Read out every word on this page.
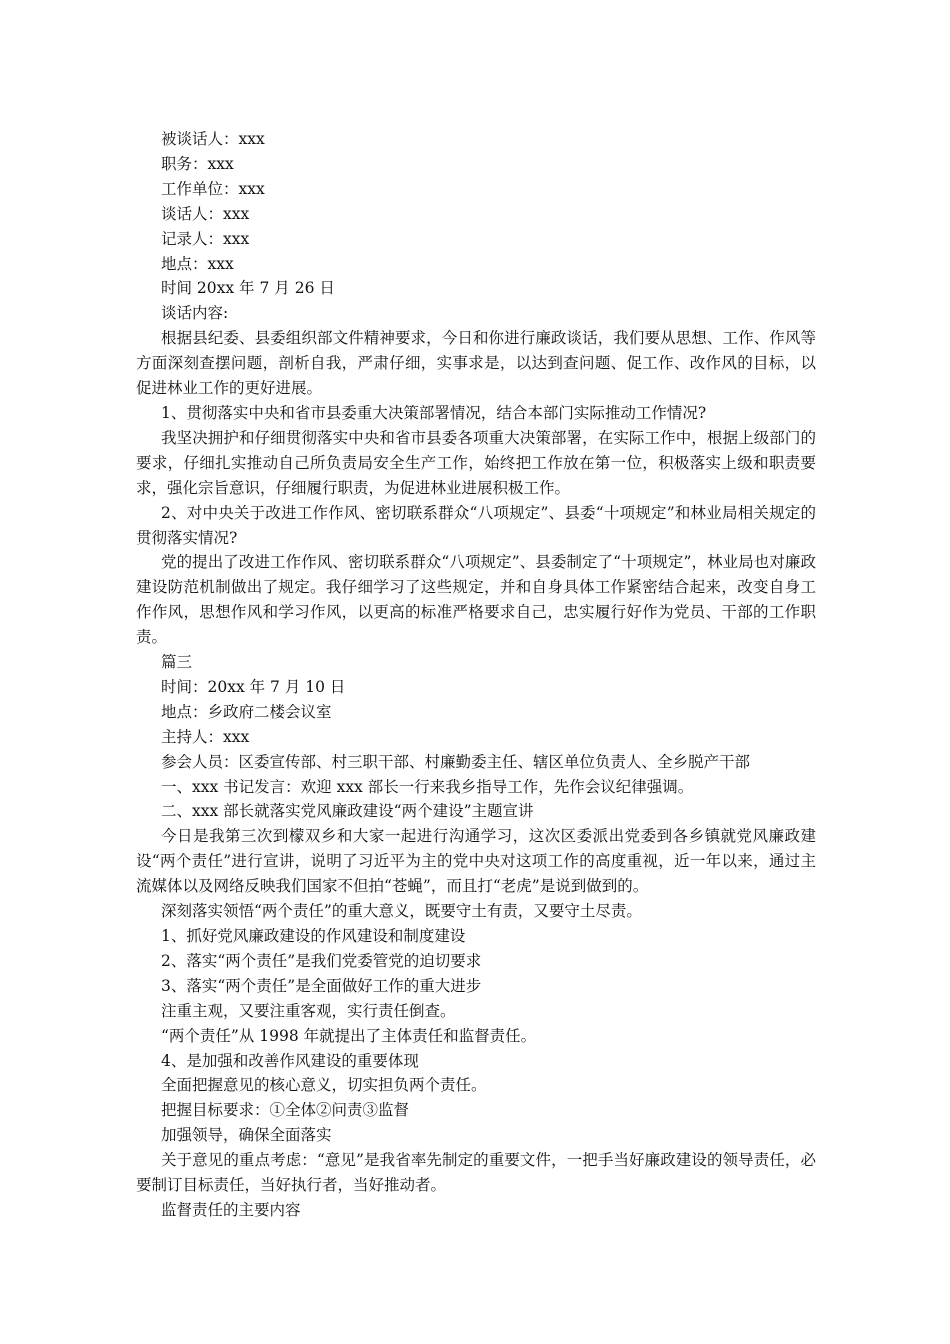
被谈话人：xxx

职务：xxx

工作单位：xxx

谈话人：xxx

记录人：xxx

地点：xxx

时间 20xx 年 7 月 26 日

谈话内容:

根据县纪委、县委组织部文件精神要求，今日和你进行廉政谈话，我们要从思想、工作、作风等方面深刻查摆问题，剖析自我，严肃仔细，实事求是，以达到查问题、促工作、改作风的目标，以促进林业工作的更好进展。

1、贯彻落实中央和省市县委重大决策部署情况，结合本部门实际推动工作情况?

我坚决拥护和仔细贯彻落实中央和省市县委各项重大决策部署，在实际工作中，根据上级部门的要求，仔细扎实推动自己所负责局安全生产工作，始终把工作放在第一位，积极落实上级和职责要求，强化宗旨意识，仔细履行职责，为促进林业进展积极工作。

2、对中央关于改进工作作风、密切联系群众“八项规定”、县委“十项规定”和林业局相关规定的贯彻落实情况?

党的提出了改进工作作风、密切联系群众“八项规定”、县委制定了“十项规定”，林业局也对廉政建设防范机制做出了规定。我仔细学习了这些规定，并和自身具体工作紧密结合起来，改变自身工作作风，思想作风和学习作风，以更高的标准严格要求自己，忠实履行好作为党员、干部的工作职责。

篇三

时间：20xx 年 7 月 10 日

地点：乡政府二楼会议室

主持人：xxx

参会人员：区委宣传部、村三职干部、村廉勤委主任、辖区单位负责人、全乡脱产干部

一、xxx 书记发言：欢迎 xxx 部长一行来我乡指导工作，先作会议纪律强调。

二、xxx 部长就落实党风廉政建设“两个建设”主题宣讲

今日是我第三次到檬双乡和大家一起进行沟通学习，这次区委派出党委到各乡镇就党风廉政建设“两个责任”进行宣讲，说明了习近平为主的党中央对这项工作的高度重视，近一年以来，通过主流媒体以及网络反映我们国家不但拍“苍蝇”，而且打“老虎”是说到做到的。

深刻落实领悟“两个责任”的重大意义，既要守土有责，又要守土尽责。

1、抓好党风廉政建设的作风建设和制度建设

2、落实“两个责任”是我们党委管党的迫切要求

3、落实“两个责任”是全面做好工作的重大进步

注重主观，又要注重客观，实行责任倒查。

“两个责任”从 1998 年就提出了主体责任和监督责任。

4、是加强和改善作风建设的重要体现

全面把握意见的核心意义，切实担负两个责任。

把握目标要求：①全体②问责③监督

加强领导，确保全面落实

关于意见的重点考虑：“意见”是我省率先制定的重要文件，一把手当好廉政建设的领导责任，必要制订目标责任，当好执行者，当好推动者。

监督责任的主要内容
